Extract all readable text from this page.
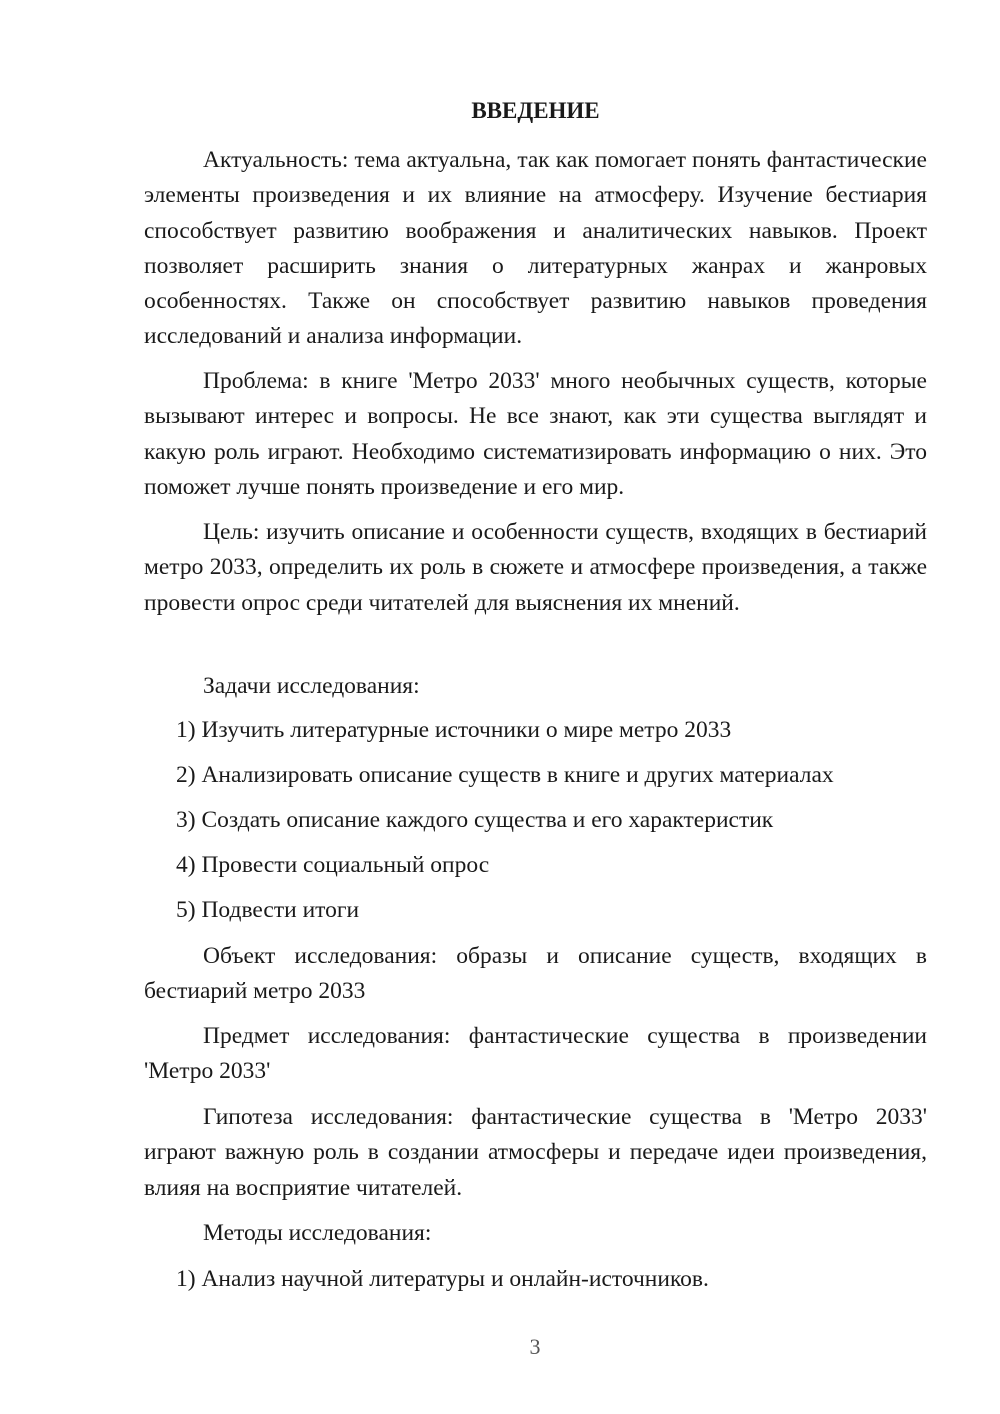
ВВЕДЕНИЕ

Актуальность: тема актуальна, так как помогает понять фантастические элементы произведения и их влияние на атмосферу. Изучение бестиария способствует развитию воображения и аналитических навыков. Проект позволяет расширить знания о литературных жанрах и жанровых особенностях. Также он способствует развитию навыков проведения исследований и анализа информации.

Проблема: в книге 'Метро 2033' много необычных существ, которые вызывают интерес и вопросы. Не все знают, как эти существа выглядят и какую роль играют. Необходимо систематизировать информацию о них. Это поможет лучше понять произведение и его мир.

Цель: изучить описание и особенности существ, входящих в бестиарий метро 2033, определить их роль в сюжете и атмосфере произведения, а также провести опрос среди читателей для выяснения их мнений.

Задачи исследования:
1) Изучить литературные источники о мире метро 2033
2) Анализировать описание существ в книге и других материалах
3) Создать описание каждого существа и его характеристик
4) Провести социальный опрос
5) Подвести итоги

Объект исследования: образы и описание существ, входящих в бестиарий метро 2033

Предмет исследования: фантастические существа в произведении 'Метро 2033'

Гипотеза исследования: фантастические существа в 'Метро 2033' играют важную роль в создании атмосферы и передаче идеи произведения, влияя на восприятие читателей.

Методы исследования:
1) Анализ научной литературы и онлайн-источников.
3
